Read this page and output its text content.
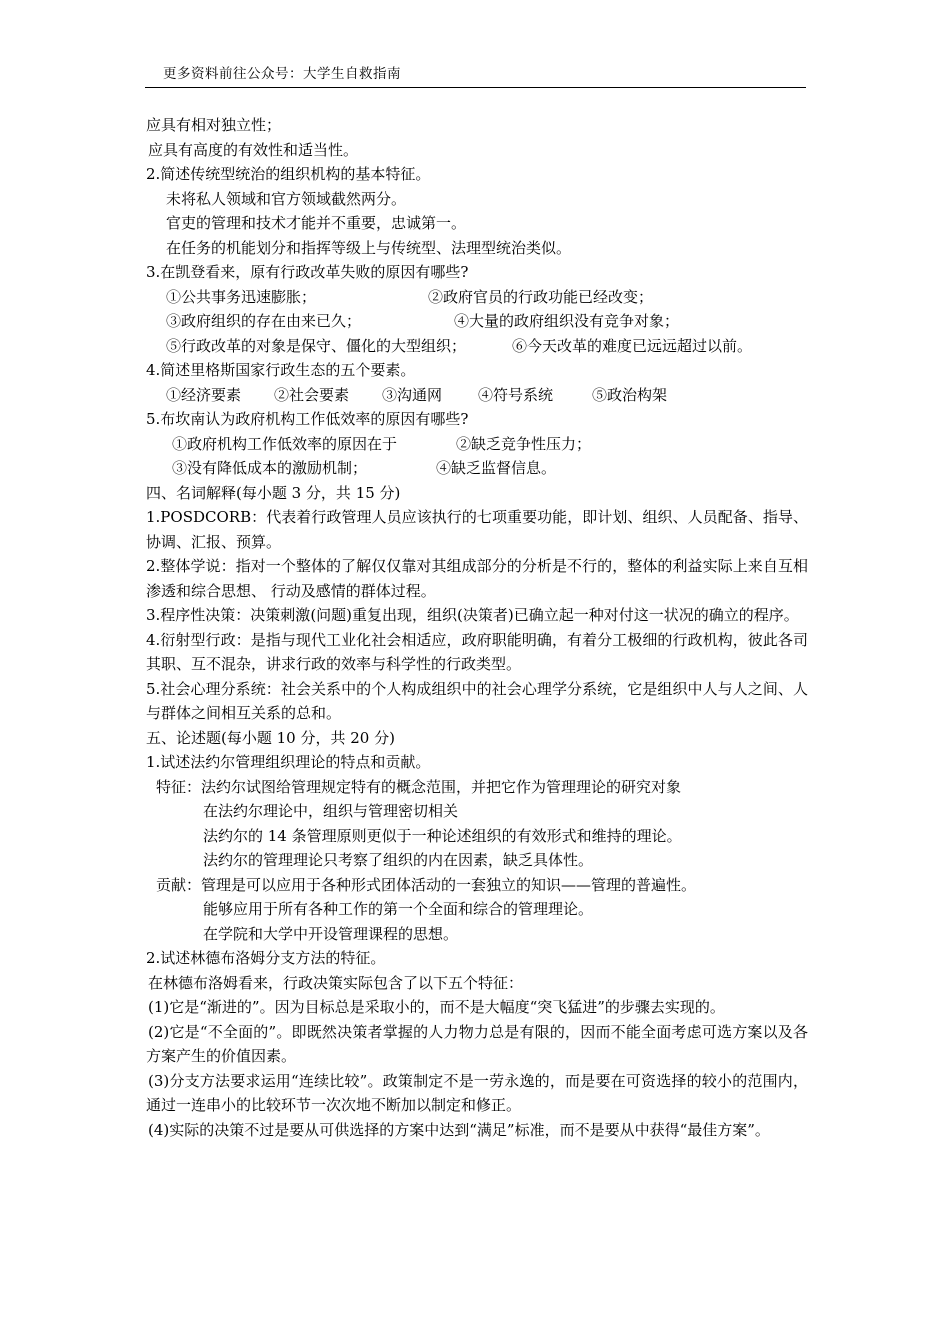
更多资料前往公众号：大学生自救指南

应具有相对独立性；

应具有高度的有效性和适当性。

2.简述传统型统治的组织机构的基本特征。

未将私人领域和官方领域截然两分。

官吏的管理和技术才能并不重要，忠诚第一。

在任务的机能划分和指挥等级上与传统型、法理型统治类似。

3.在凯登看来，原有行政改革失败的原因有哪些?

①公共事务迅速膨胀；	②政府官员的行政功能已经改变；
③政府组织的存在由来已久；	④大量的政府组织没有竞争对象；
⑤行政改革的对象是保守、僵化的大型组织；	⑥今天改革的难度已远远超过以前。

4.简述里格斯国家行政生态的五个要素。

①经济要素	②社会要素	③沟通网	④符号系统	⑤政治构架

5.布坎南认为政府机构工作低效率的原因有哪些?

①政府机构工作低效率的原因在于	②缺乏竞争性压力；
③没有降低成本的激励机制；	④缺乏监督信息。

四、名词解释(每小题 3 分，共 15 分)

1.POSDCORB：代表着行政管理人员应该执行的七项重要功能，即计划、组织、人员配备、指导、协调、汇报、预算。

2.整体学说：指对一个整体的了解仅仅靠对其组成部分的分析是不行的，整体的利益实际上来自互相渗透和综合思想、 行动及感情的群体过程。

3.程序性决策：决策刺激(问题)重复出现，组织(决策者)已确立起一种对付这一状况的确立的程序。

4.衍射型行政：是指与现代工业化社会相适应，政府职能明确，有着分工极细的行政机构，彼此各司其职、互不混杂，讲求行政的效率与科学性的行政类型。

5.社会心理分系统：社会关系中的个人构成组织中的社会心理学分系统，它是组织中人与人之间、人与群体之间相互关系的总和。

五、论述题(每小题 10 分，共 20 分)

1.试述法约尔管理组织理论的特点和贡献。

特征：法约尔试图给管理规定特有的概念范围，并把它作为管理理论的研究对象

在法约尔理论中，组织与管理密切相关

法约尔的 14 条管理原则更似于一种论述组织的有效形式和维持的理论。

法约尔的管理理论只考察了组织的内在因素，缺乏具体性。

贡献：管理是可以应用于各种形式团体活动的一套独立的知识——管理的普遍性。

能够应用于所有各种工作的第一个全面和综合的管理理论。

在学院和大学中开设管理课程的思想。

2.试述林德布洛姆分支方法的特征。

在林德布洛姆看来，行政决策实际包含了以下五个特征：

(1)它是“渐进的”。因为目标总是采取小的，而不是大幅度“突飞猛进”的步骤去实现的。

(2)它是“不全面的”。即既然决策者掌握的人力物力总是有限的，因而不能全面考虑可选方案以及各方案产生的价值因素。

(3)分支方法要求运用“连续比较”。政策制定不是一劳永逸的，而是要在可资选择的较小的范围内，通过一连串小的比较环节一次次地不断加以制定和修正。

(4)实际的决策不过是要从可供选择的方案中达到“满足”标准，而不是要从中获得“最佳方案”。
